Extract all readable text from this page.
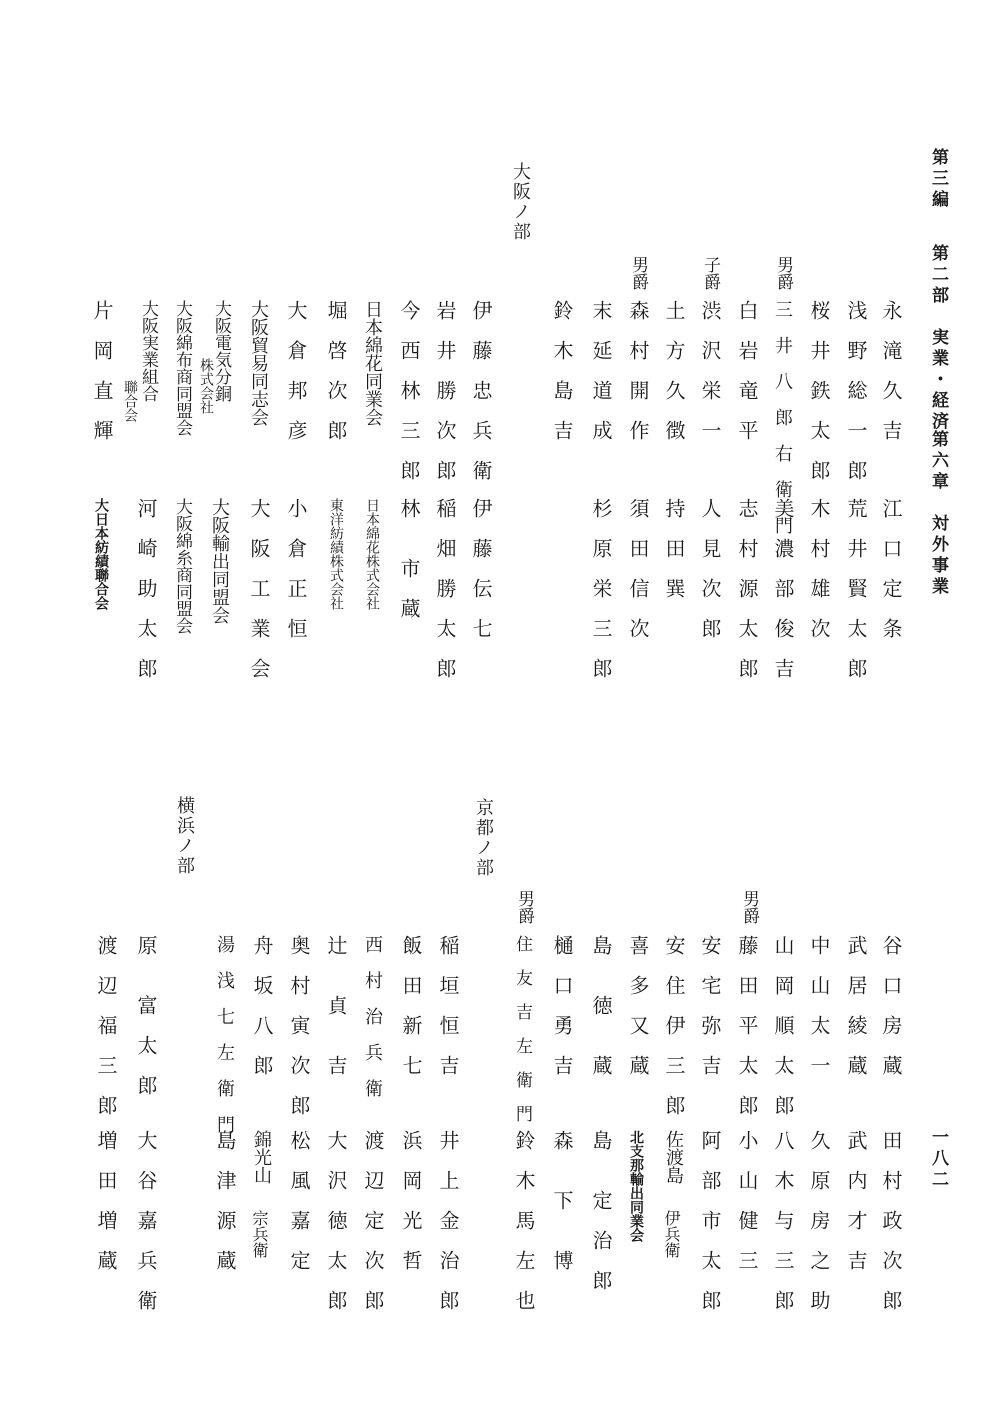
第三編
第二部　実業・経済
第六章　対外事業
一八二
大阪ノ部
京都ノ部
横浜ノ部
永　滝　久　吉
江　口　定　条
浅　野　総　一　郎
荒　井　賢　太　郎
桜　井　鉄　太　郎
木　村　雄　次
男爵
三　井　八　郎　右　衛　門
美　濃　部　俊　吉
白　岩　竜　平
志　村　源　太　郎
子爵
渋　沢　栄　一
人　見　次　郎
土　方　久　徴
持　田　巽
男爵
森　村　開　作
須　田　信　次
末　延　道　成
杉　原　栄　三　郎
鈴　木　島　吉
伊　藤　忠　兵　衛
伊　藤　伝　七
岩　井　勝　次　郎
稲　畑　勝　太　郎
今　西　林　三　郎
林　　市　蔵
日本綿花同業会
日本綿花株式会社
堀　啓　次　郎
東洋紡績株式会社
大　倉　邦　彦
小　倉　正　恒
大阪貿易同志会
大　阪　工　業　会
大阪電気分銅
株式会社
大阪輸出同盟会
大阪綿布商同盟会
大阪綿糸商同盟会
大阪実業組合
聯合会
河　崎　助　太　郎
片　岡　直　輝
大日本紡績聯合会
谷　口　房　蔵
田　村　政　次　郎
武　居　綾　蔵
武　内　才　吉
中　山　太　一
久　原　房　之　助
山　岡　順　太　郎
八　木　与　三　郎
男爵
藤　田　平　太　郎
小　山　健　三
安　宅　弥　吉
阿　部　市　太　郎
安　住　伊　三　郎
佐渡島
伊兵衛
喜　多　又　蔵
北支那輸出同業会
島　　徳　　蔵
島　　定　治　郎
樋　口　勇　吉
森　　下　　博
男爵
住　友　吉　左　衛　門
鈴　木　馬　左　也
稲　垣　恒　吉
井　上　金　治　郎
飯　田　新　七
浜　岡　光　哲
西　村　治　兵　衛
渡　辺　定　次　郎
辻　　貞　　吉
大　沢　徳　太　郎
奥　村　寅　次　郎
松　風　嘉　定
舟　坂　八　郎
錦光山
宗兵衛
湯　浅　七　左　衛　門
島　津　源　蔵
原　　富　太　郎
大　谷　嘉　兵　衛
渡　辺　福　三　郎
増　田　増　蔵
